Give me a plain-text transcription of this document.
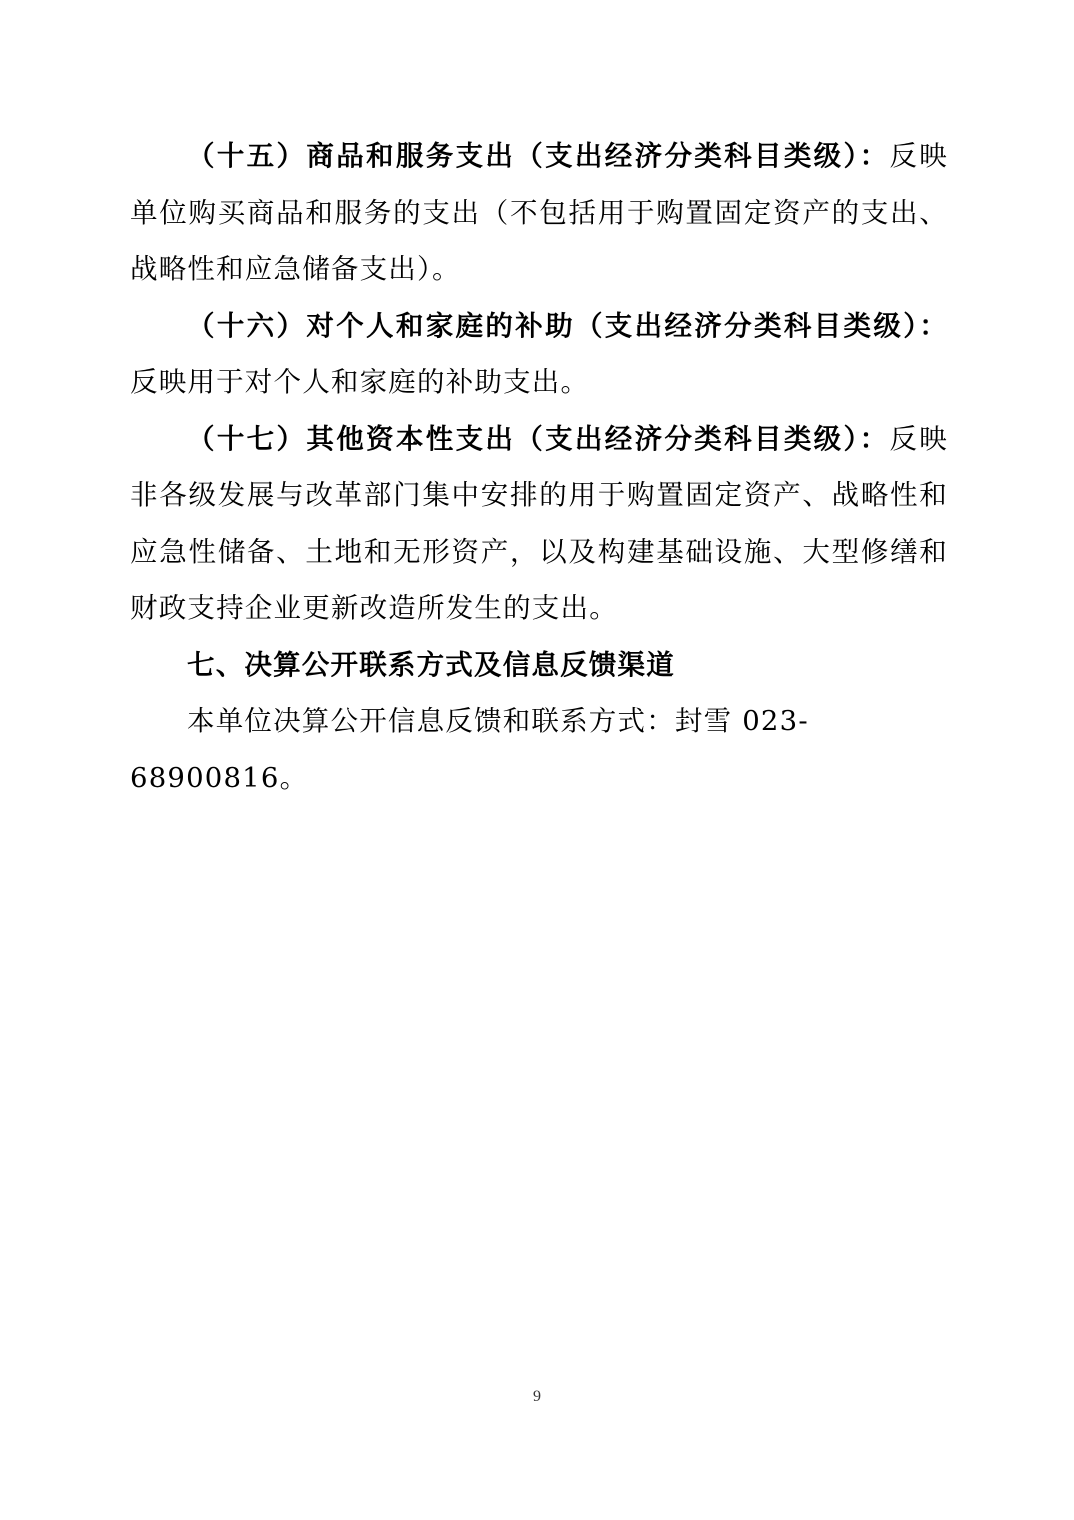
（十五）商品和服务支出（支出经济分类科目类级）：反映单位购买商品和服务的支出（不包括用于购置固定资产的支出、战略性和应急储备支出）。

（十六）对个人和家庭的补助（支出经济分类科目类级）：反映用于对个人和家庭的补助支出。

（十七）其他资本性支出（支出经济分类科目类级）：反映非各级发展与改革部门集中安排的用于购置固定资产、战略性和应急性储备、土地和无形资产，以及构建基础设施、大型修缮和财政支持企业更新改造所发生的支出。

七、决算公开联系方式及信息反馈渠道

本单位决算公开信息反馈和联系方式：封雪 023-68900816。

9
